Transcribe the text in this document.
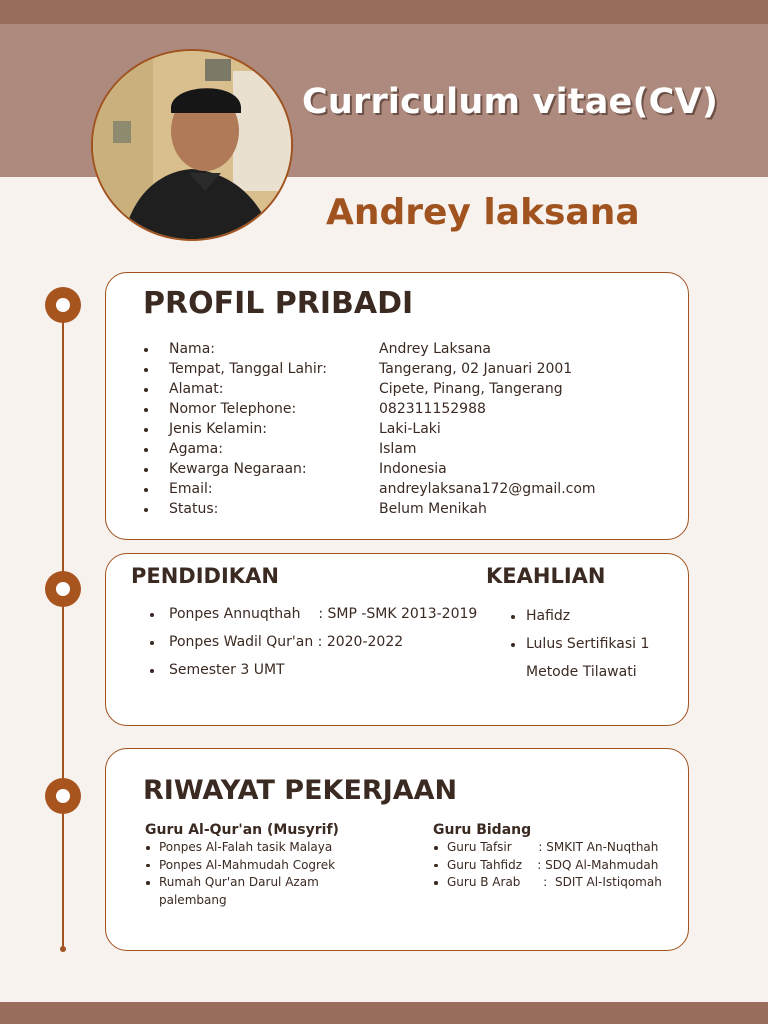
Curriculum vitae(CV)
Andrey laksana
PROFIL PRIBADI
Nama:	Andrey Laksana
Tempat, Tanggal Lahir:	Tangerang, 02 Januari 2001
Alamat:	Cipete, Pinang, Tangerang
Nomor Telephone:	082311152988
Jenis Kelamin:	Laki-Laki
Agama:	Islam
Kewarga Negaraan:	Indonesia
Email:	andreylaksana172@gmail.com
Status:	Belum Menikah
PENDIDIKAN	KEAHLIAN
Ponpes Annuqthah    : SMP -SMK 2013-2019
Ponpes Wadil Qur'an : 2020-2022
Semester 3 UMT
Hafidz
Lulus Sertifikasi 1 Metode Tilawati
RIWAYAT PEKERJAAN
Guru Al-Qur'an (Musyrif)
Ponpes Al-Falah tasik Malaya
Ponpes Al-Mahmudah Cogrek
Rumah Qur'an Darul Azam
palembang
Guru Bidang
Guru Tafsir       : SMKIT An-Nuqthah
Guru Tahfidz    : SDQ Al-Mahmudah
Guru B Arab      :  SDIT Al-Istiqomah
